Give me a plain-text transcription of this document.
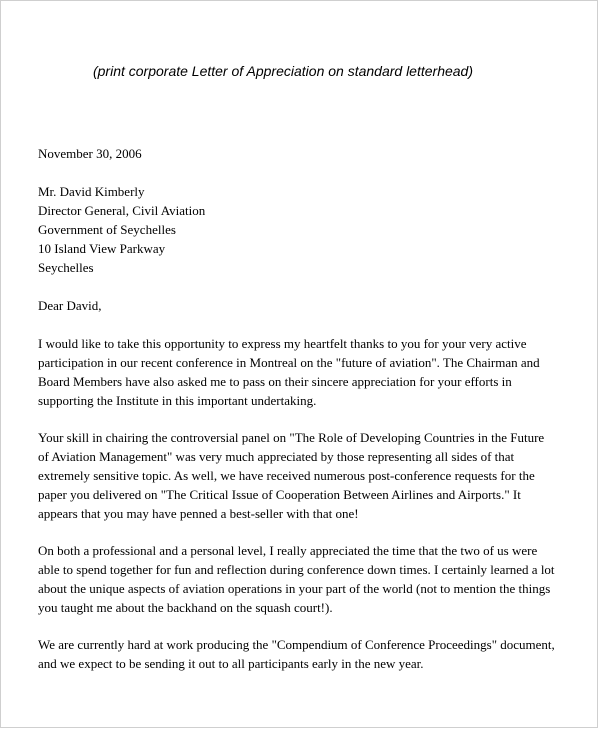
(print corporate Letter of Appreciation on standard letterhead)

November 30, 2006

Mr. David Kimberly
Director General, Civil Aviation
Government of Seychelles
10 Island View Parkway
Seychelles

Dear David,

I would like to take this opportunity to express my heartfelt thanks to you for your very active participation in our recent conference in Montreal on the "future of aviation". The Chairman and Board Members have also asked me to pass on their sincere appreciation for your efforts in supporting the Institute in this important undertaking.

Your skill in chairing the controversial panel on "The Role of Developing Countries in the Future of Aviation Management" was very much appreciated by those representing all sides of that extremely sensitive topic. As well, we have received numerous post-conference requests for the paper you delivered on "The Critical Issue of Cooperation Between Airlines and Airports." It appears that you may have penned a best-seller with that one!

On both a professional and a personal level, I really appreciated the time that the two of us were able to spend together for fun and reflection during conference down times. I certainly learned a lot about the unique aspects of aviation operations in your part of the world (not to mention the things you taught me about the backhand on the squash court!).

We are currently hard at work producing the "Compendium of Conference Proceedings" document, and we expect to be sending it out to all participants early in the new year.
